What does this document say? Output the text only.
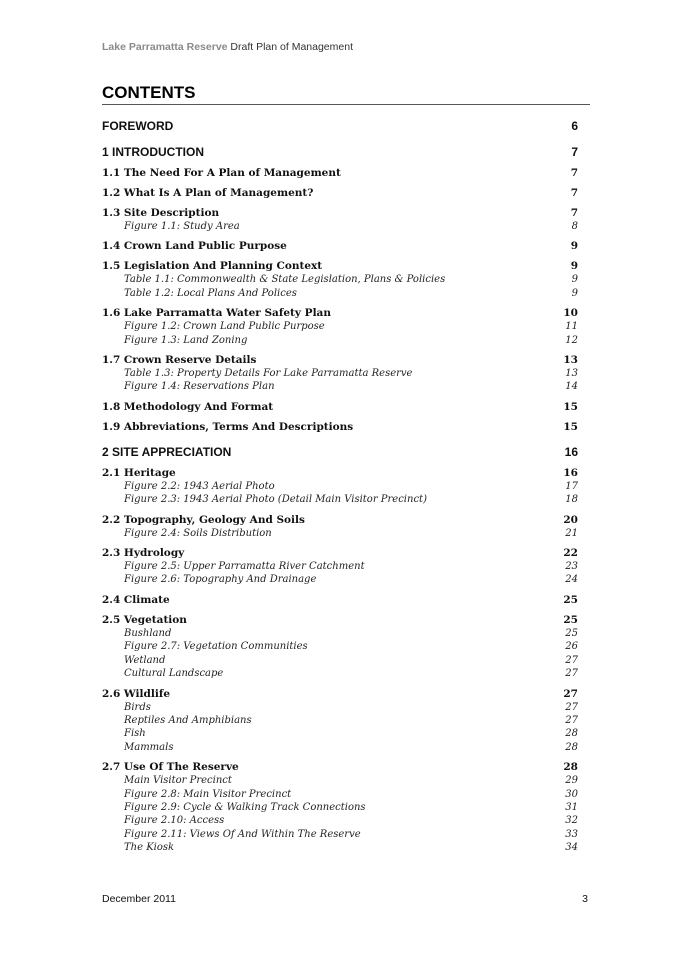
Lake Parramatta Reserve Draft Plan of Management
CONTENTS
FOREWORD	6
1 INTRODUCTION	7
1.1 The Need For A Plan of Management	7
1.2 What Is A Plan of Management?	7
1.3 Site Description	7
Figure 1.1: Study Area	8
1.4 Crown Land Public Purpose	9
1.5 Legislation And Planning Context	9
Table 1.1: Commonwealth & State Legislation, Plans & Policies	9
Table 1.2: Local Plans And Polices	9
1.6 Lake Parramatta Water Safety Plan	10
Figure 1.2: Crown Land Public Purpose	11
Figure 1.3: Land Zoning	12
1.7 Crown Reserve Details	13
Table 1.3: Property Details For Lake Parramatta Reserve	13
Figure 1.4: Reservations Plan	14
1.8 Methodology And Format	15
1.9 Abbreviations, Terms And Descriptions	15
2 SITE APPRECIATION	16
2.1 Heritage	16
Figure 2.2: 1943 Aerial Photo	17
Figure 2.3: 1943 Aerial Photo (Detail Main Visitor Precinct)	18
2.2 Topography, Geology And Soils	20
Figure 2.4: Soils Distribution	21
2.3 Hydrology	22
Figure 2.5: Upper Parramatta River Catchment	23
Figure 2.6: Topography And Drainage	24
2.4 Climate	25
2.5 Vegetation	25
Bushland	25
Figure 2.7: Vegetation Communities	26
Wetland	27
Cultural Landscape	27
2.6 Wildlife	27
Birds	27
Reptiles And Amphibians	27
Fish	28
Mammals	28
2.7 Use Of The Reserve	28
Main Visitor Precinct	29
Figure 2.8: Main Visitor Precinct	30
Figure 2.9: Cycle & Walking Track Connections	31
Figure 2.10: Access	32
Figure 2.11: Views Of And Within The Reserve	33
The Kiosk	34
December 2011	3
